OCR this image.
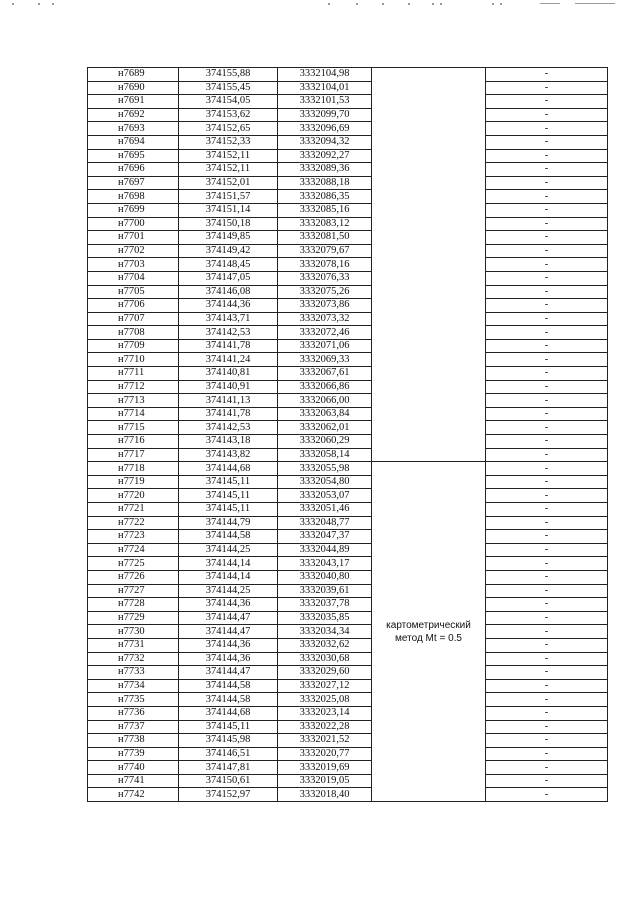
н7689	374155,88	3332104,98		-
н7690	374155,45	3332104,01		-
н7691	374154,05	3332101,53		-
н7692	374153,62	3332099,70		-
н7693	374152,65	3332096,69		-
н7694	374152,33	3332094,32		-
н7695	374152,11	3332092,27		-
н7696	374152,11	3332089,36		-
н7697	374152,01	3332088,18		-
н7698	374151,57	3332086,35		-
н7699	374151,14	3332085,16		-
н7700	374150,18	3332083,12		-
н7701	374149,85	3332081,50		-
н7702	374149,42	3332079,67		-
н7703	374148,45	3332078,16		-
н7704	374147,05	3332076,33		-
н7705	374146,08	3332075,26		-
н7706	374144,36	3332073,86		-
н7707	374143,71	3332073,32		-
н7708	374142,53	3332072,46		-
н7709	374141,78	3332071,06		-
н7710	374141,24	3332069,33		-
н7711	374140,81	3332067,61		-
н7712	374140,91	3332066,86		-
н7713	374141,13	3332066,00		-
н7714	374141,78	3332063,84		-
н7715	374142,53	3332062,01		-
н7716	374143,18	3332060,29		-
н7717	374143,82	3332058,14		-
н7718	374144,68	3332055,98	картометрический метод Mt = 0.5	-
н7719	374145,11	3332054,80		-
н7720	374145,11	3332053,07		-
н7721	374145,11	3332051,46		-
н7722	374144,79	3332048,77		-
н7723	374144,58	3332047,37		-
н7724	374144,25	3332044,89		-
н7725	374144,14	3332043,17		-
н7726	374144,14	3332040,80		-
н7727	374144,25	3332039,61		-
н7728	374144,36	3332037,78		-
н7729	374144,47	3332035,85		-
н7730	374144,47	3332034,34		-
н7731	374144,36	3332032,62		-
н7732	374144,36	3332030,68		-
н7733	374144,47	3332029,60		-
н7734	374144,58	3332027,12		-
н7735	374144,58	3332025,08		-
н7736	374144,68	3332023,14		-
н7737	374145,11	3332022,28		-
н7738	374145,98	3332021,52		-
н7739	374146,51	3332020,77		-
н7740	374147,81	3332019,69		-
н7741	374150,61	3332019,05		-
н7742	374152,97	3332018,40		-
